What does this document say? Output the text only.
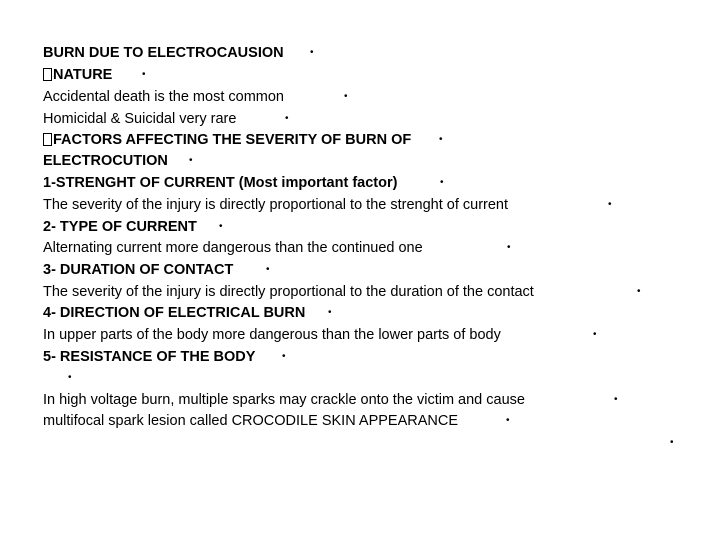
BURN DUE TO ELECTROCAUSION
NATURE
Accidental death is the most common
Homicidal & Suicidal very rare
FACTORS AFFECTING THE SEVERITY OF BURN OF
ELECTROCUTION
1-STRENGHT OF CURRENT (Most important factor)
The severity of the injury is directly proportional to the strenght of current
2- TYPE OF CURRENT
Alternating current more dangerous than the continued one
3- DURATION OF CONTACT
The severity of the injury is directly proportional to the duration of the contact
4- DIRECTION OF ELECTRICAL BURN
In upper parts of the body more dangerous than the lower parts of body
5- RESISTANCE OF THE BODY
In high voltage burn, multiple sparks may crackle onto the victim and cause
multifocal spark lesion called CROCODILE SKIN APPEARANCE
•
•
•
•
•
•
•
•
•
•
•
•
•
•
•
•
•
•
•
